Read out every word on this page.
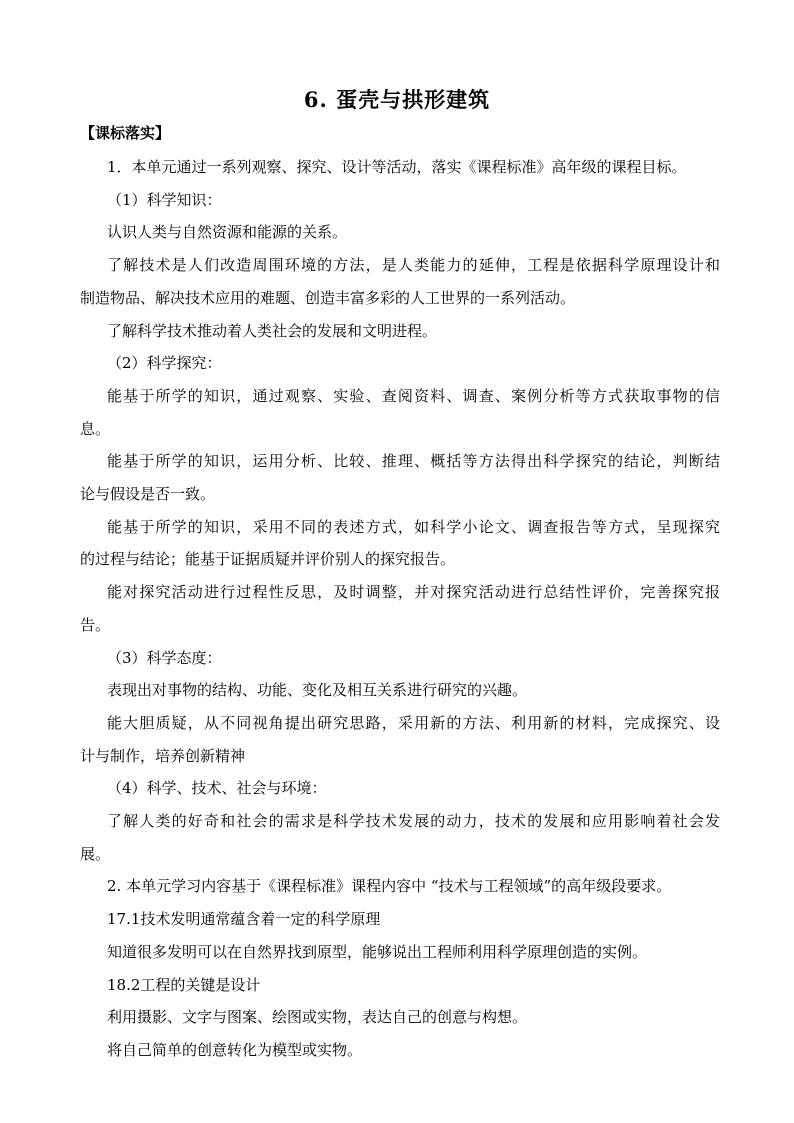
6. 蛋壳与拱形建筑
【课标落实】

1．本单元通过一系列观察、探究、设计等活动，落实《课程标准》高年级的课程目标。

（1）科学知识：

认识人类与自然资源和能源的关系。

了解技术是人们改造周围环境的方法，是人类能力的延伸，工程是依据科学原理设计和

制造物品、解决技术应用的难题、创造丰富多彩的人工世界的一系列活动。

了解科学技术推动着人类社会的发展和文明进程。

（2）科学探究：

能基于所学的知识，通过观察、实验、查阅资料、调查、案例分析等方式获取事物的信

息。

能基于所学的知识，运用分析、比较、推理、概括等方法得出科学探究的结论，判断结

论与假设是否一致。

能基于所学的知识，采用不同的表述方式，如科学小论文、调查报告等方式，呈现探究

的过程与结论；能基于证据质疑并评价别人的探究报告。

能对探究活动进行过程性反思，及时调整，并对探究活动进行总结性评价，完善探究报

告。

（3）科学态度：

表现出对事物的结构、功能、变化及相互关系进行研究的兴趣。

能大胆质疑，从不同视角提出研究思路，采用新的方法、利用新的材料，完成探究、设

计与制作，培养创新精神

（4）科学、技术、社会与环境：

了解人类的好奇和社会的需求是科学技术发展的动力，技术的发展和应用影响着社会发

展。

2. 本单元学习内容基于《课程标准》课程内容中 “技术与工程领域”的高年级段要求。

17.1技术发明通常蕴含着一定的科学原理

知道很多发明可以在自然界找到原型，能够说出工程师利用科学原理创造的实例。

18.2工程的关键是设计

利用摄影、文字与图案、绘图或实物，表达自己的创意与构想。

将自己简单的创意转化为模型或实物。
